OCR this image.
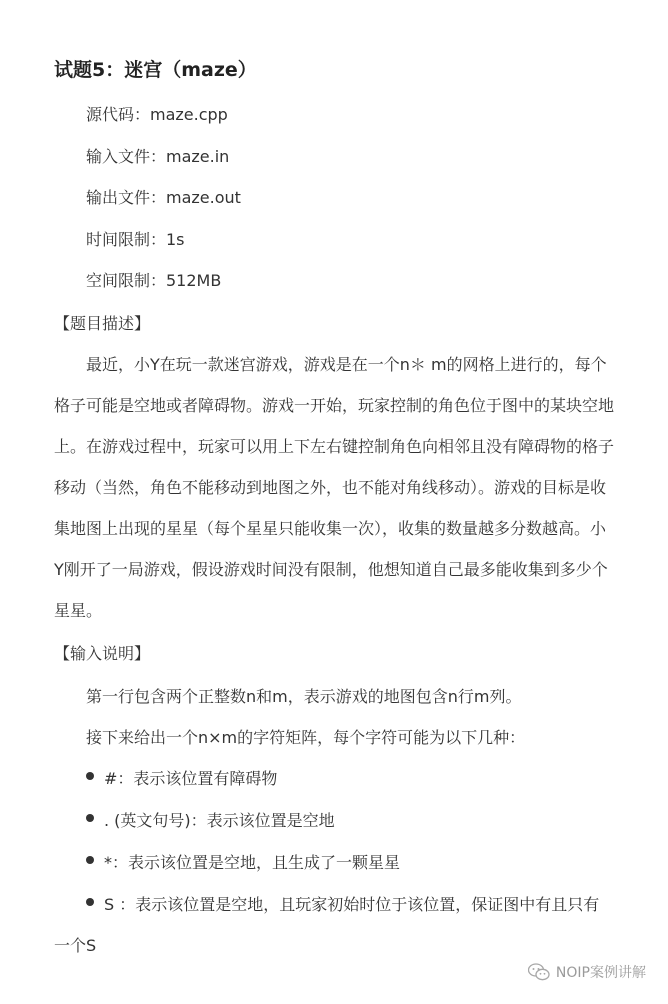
试题5：迷宫（maze）
源代码：maze.cpp
输入文件：maze.in
输出文件：maze.out
时间限制：1s
空间限制：512MB
【题目描述】
最近，小Y在玩一款迷宫游戏，游戏是在一个n＊ m的网格上进行的，每个
格子可能是空地或者障碍物。游戏一开始，玩家控制的角色位于图中的某块空地
上。在游戏过程中，玩家可以用上下左右键控制角色向相邻且没有障碍物的格子
移动（当然，角色不能移动到地图之外，也不能对角线移动）。游戏的目标是收
集地图上出现的星星（每个星星只能收集一次），收集的数量越多分数越高。小
Y刚开了一局游戏，假设游戏时间没有限制，他想知道自己最多能收集到多少个
星星。
【输入说明】
第一行包含两个正整数n和m，表示游戏的地图包含n行m列。
接下来给出一个n×m的字符矩阵，每个字符可能为以下几种：
#：表示该位置有障碍物
. (英文句号)：表示该位置是空地
*：表示该位置是空地，且生成了一颗星星
S ：表示该位置是空地，且玩家初始时位于该位置，保证图中有且只有
一个S
NOIP案例讲解
